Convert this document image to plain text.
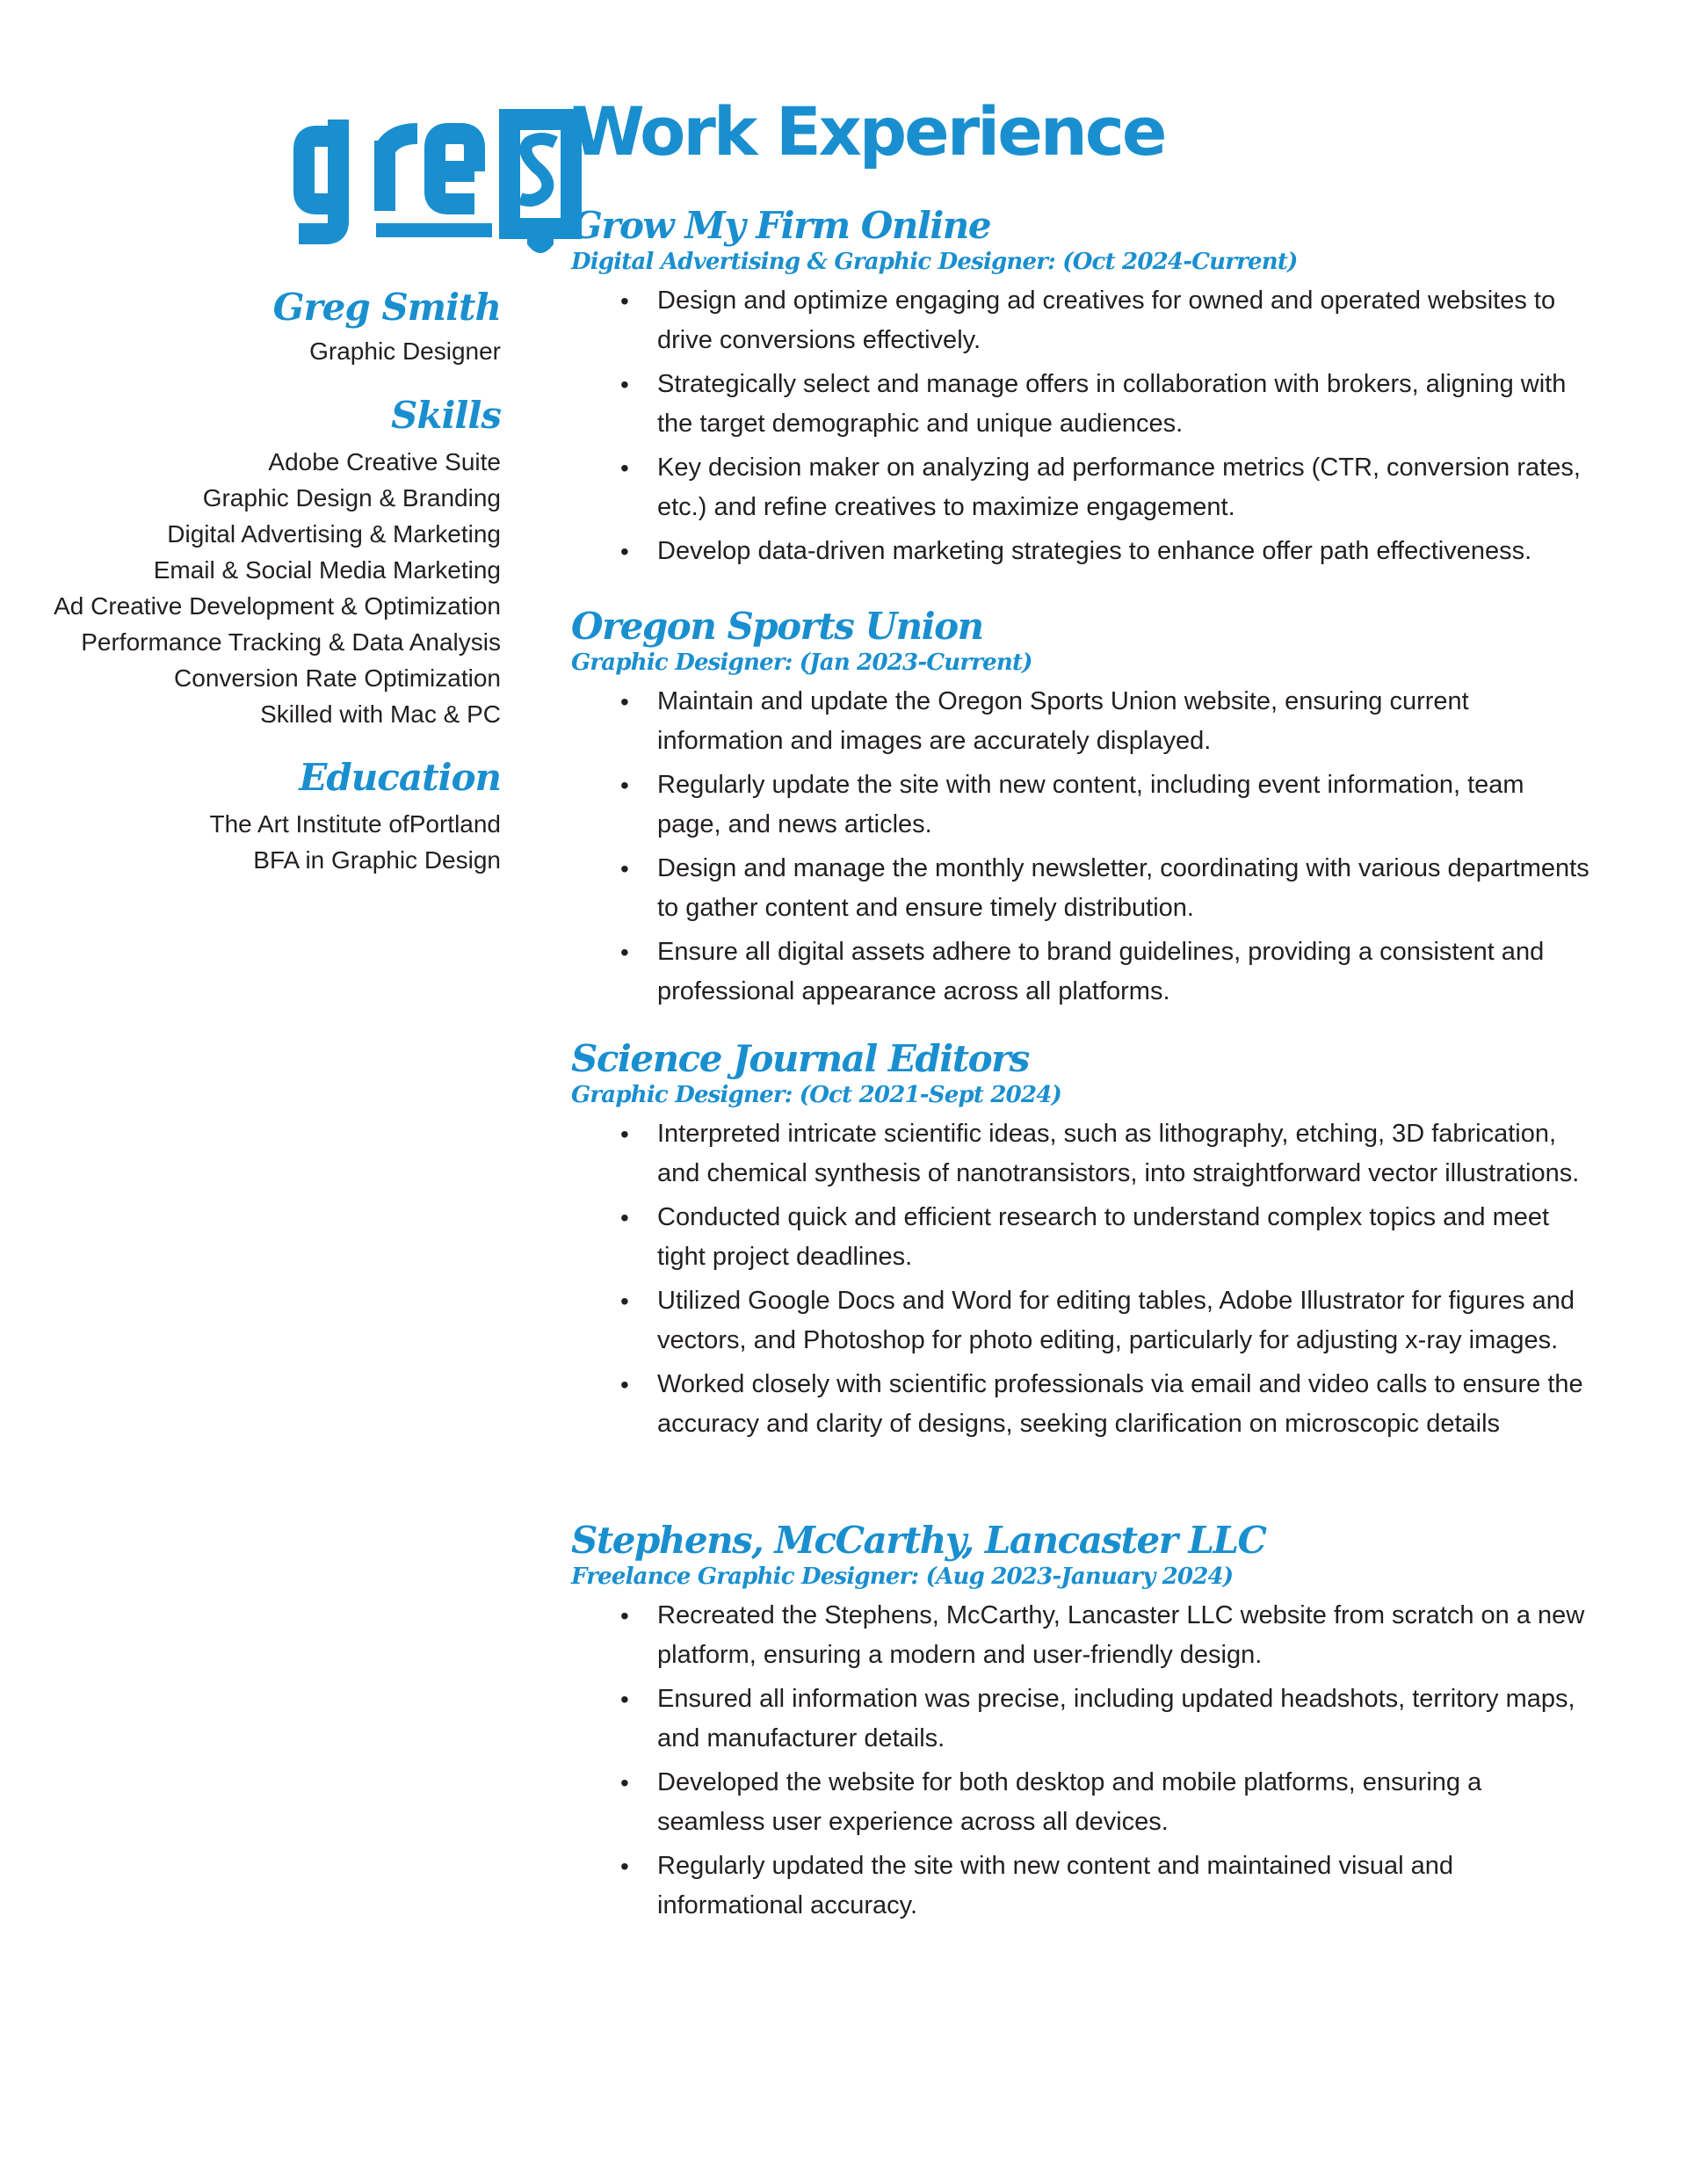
Greg Smith
Graphic Designer
Skills
Adobe Creative Suite
Graphic Design & Branding
Digital Advertising & Marketing
Email & Social Media Marketing
Ad Creative Development & Optimization
Performance Tracking & Data Analysis
Conversion Rate Optimization
Skilled with Mac & PC
Education
The Art Institute ofPortland
BFA in Graphic Design
Work Experience
Grow My Firm Online
Digital Advertising & Graphic Designer: (Oct 2024-Current)
• Design and optimize engaging ad creatives for owned and operated websites to drive conversions effectively.
• Strategically select and manage offers in collaboration with brokers, aligning with the target demographic and unique audiences.
• Key decision maker on analyzing ad performance metrics (CTR, conversion rates, etc.) and refine creatives to maximize engagement.
• Develop data-driven marketing strategies to enhance offer path effectiveness.
Oregon Sports Union
Graphic Designer: (Jan 2023-Current)
• Maintain and update the Oregon Sports Union website, ensuring current information and images are accurately displayed.
• Regularly update the site with new content, including event information, team page, and news articles.
• Design and manage the monthly newsletter, coordinating with various departments to gather content and ensure timely distribution.
• Ensure all digital assets adhere to brand guidelines, providing a consistent and professional appearance across all platforms.
Science Journal Editors
Graphic Designer: (Oct 2021-Sept 2024)
• Interpreted intricate scientific ideas, such as lithography, etching, 3D fabrication, and chemical synthesis of nanotransistors, into straightforward vector illustrations.
• Conducted quick and efficient research to understand complex topics and meet tight project deadlines.
• Utilized Google Docs and Word for editing tables, Adobe Illustrator for figures and vectors, and Photoshop for photo editing, particularly for adjusting x-ray images.
• Worked closely with scientific professionals via email and video calls to ensure the accuracy and clarity of designs, seeking clarification on microscopic details
Stephens, McCarthy, Lancaster LLC
Freelance Graphic Designer: (Aug 2023-January 2024)
• Recreated the Stephens, McCarthy, Lancaster LLC website from scratch on a new platform, ensuring a modern and user-friendly design.
• Ensured all information was precise, including updated headshots, territory maps, and manufacturer details.
• Developed the website for both desktop and mobile platforms, ensuring a seamless user experience across all devices.
• Regularly updated the site with new content and maintained visual and informational accuracy.
